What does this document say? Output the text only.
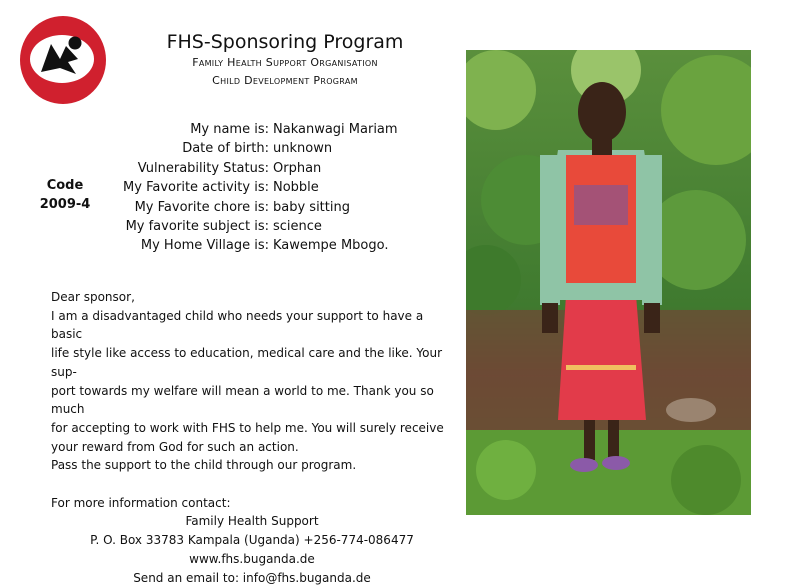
FHS-Sponsoring Program
Family Health Support Organisation
Child Development Program
Code
2009-4
My name is: Nakanwagi Mariam
Date of birth: unknown
Vulnerability Status: Orphan
My Favorite activity is: Nobble
My Favorite chore is: baby sitting
My favorite subject is: science
My Home Village is: Kawempe Mbogo.

Dear sponsor,

I am a disadvantaged child who needs your support to have a basic

life style like access to education, medical care and the like. Your sup-

port towards my welfare will mean a world to me. Thank you so much

for accepting to work with FHS to help me. You will surely receive

your reward from God for such an action.

Pass the support to the child through our program.

For more information contact:

Family Health Support

P. O. Box 33783 Kampala (Uganda) +256-774-086477

www.fhs.buganda.de

Send an email to: info@fhs.buganda.de
